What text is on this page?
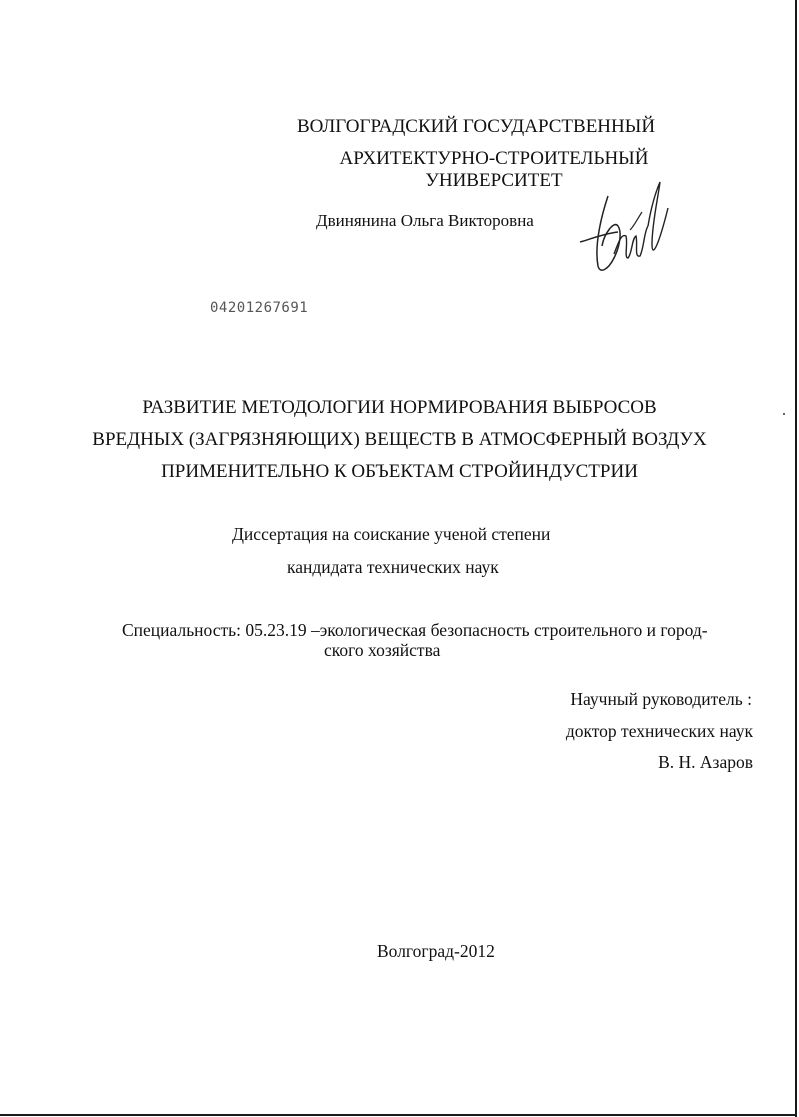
ВОЛГОГРАДСКИЙ ГОСУДАРСТВЕННЫЙ
АРХИТЕКТУРНО-СТРОИТЕЛЬНЫЙ УНИВЕРСИТЕТ
Двинянина Ольга Викторовна
04201267691
РАЗВИТИЕ МЕТОДОЛОГИИ НОРМИРОВАНИЯ ВЫБРОСОВ
ВРЕДНЫХ (ЗАГРЯЗНЯЮЩИХ) ВЕЩЕСТВ В АТМОСФЕРНЫЙ ВОЗДУХ
ПРИМЕНИТЕЛЬНО К ОБЪЕКТАМ СТРОЙИНДУСТРИИ
Диссертация на соискание ученой степени
кандидата технических наук
Специальность: 05.23.19 –экологическая безопасность строительного и город-
ского хозяйства
Научный руководитель :
доктор технических наук
В. Н. Азаров
Волгоград-2012
